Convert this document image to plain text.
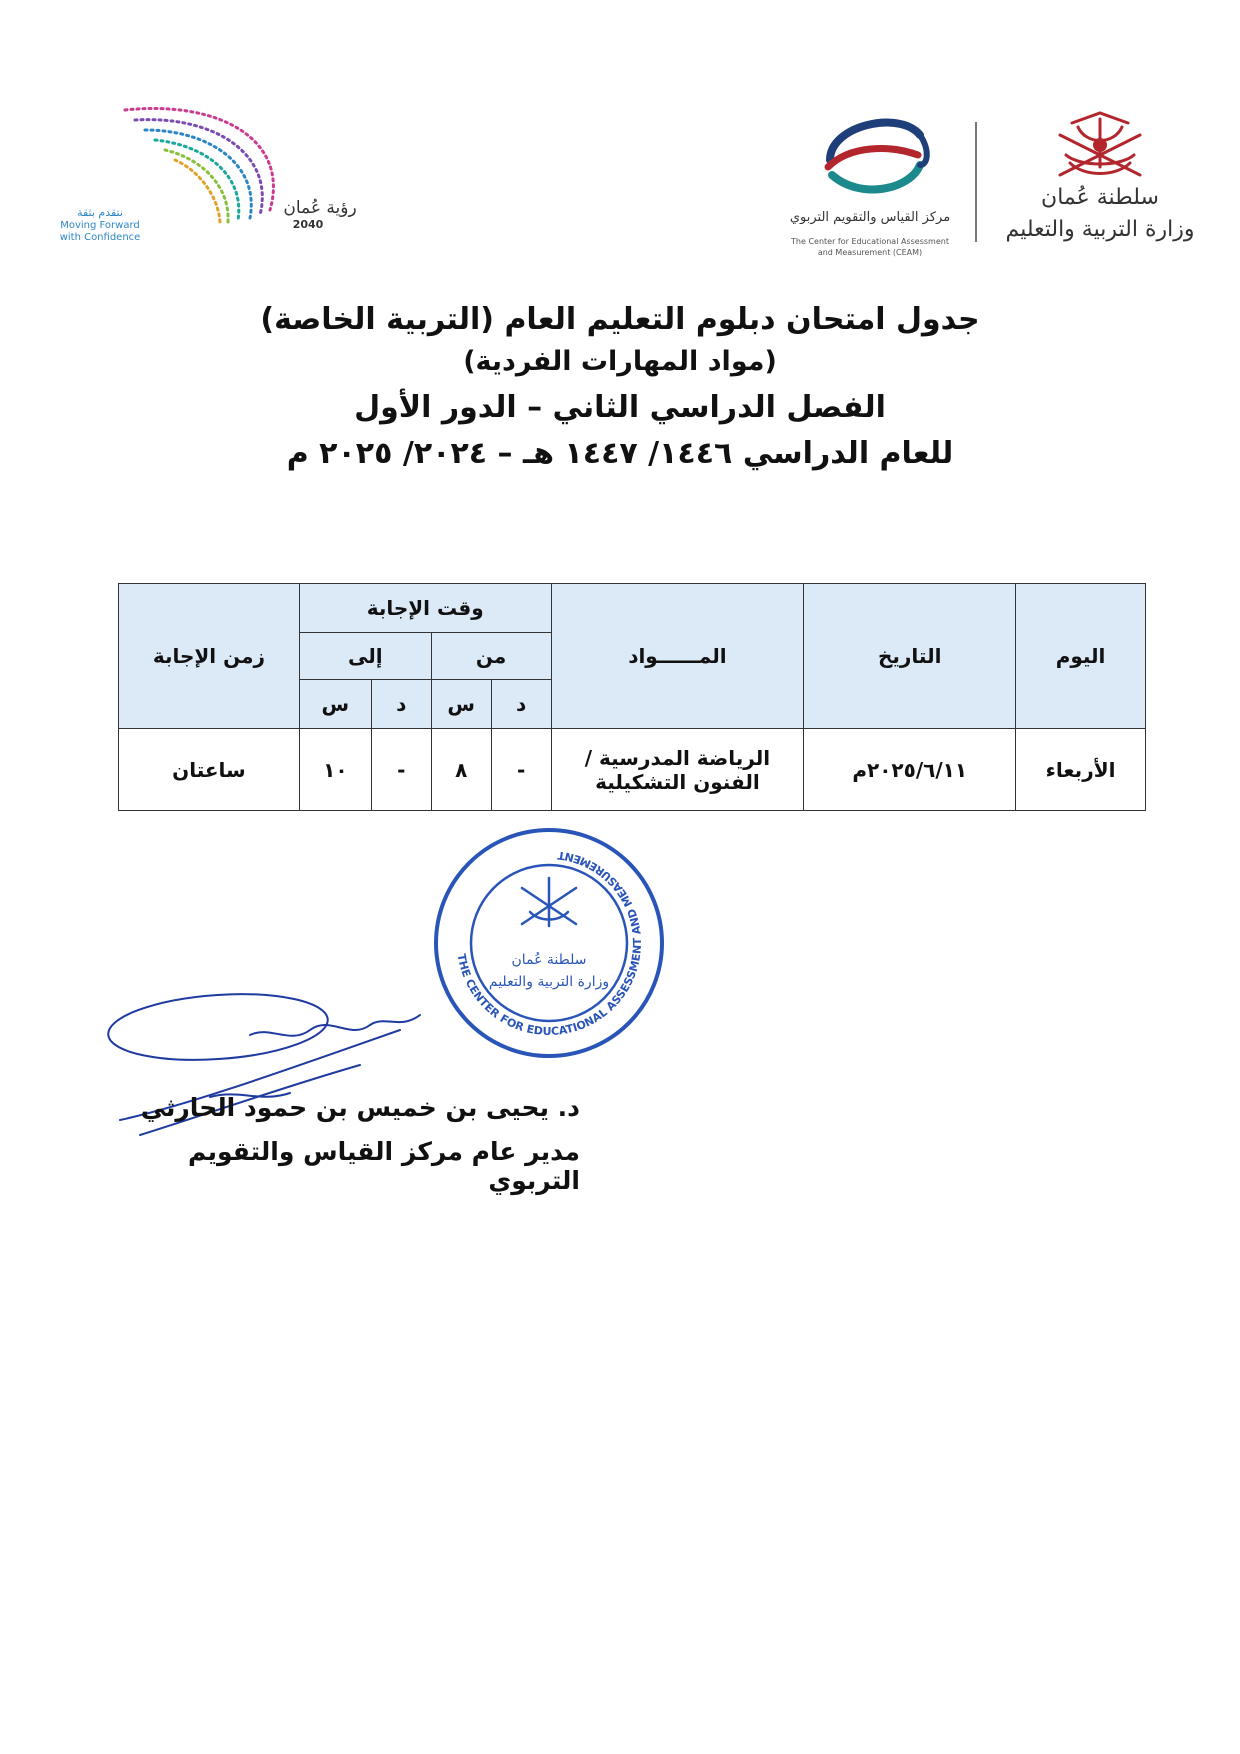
سلطنة عُمان
وزارة التربية والتعليم
مركز القياس والتقويم التربوي
The Center for Educational Assessment
and Measurement (CEAM)
رؤية عُمان
2040
نتقدم بثقة
Moving Forward
with Confidence
جدول امتحان دبلوم التعليم العام (التربية الخاصة)
(مواد المهارات الفردية)
الفصل الدراسي الثاني – الدور الأول
للعام الدراسي ١٤٤٦/ ١٤٤٧ هـ – ٢٠٢٤/ ٢٠٢٥ م
اليوم	التاريخ	المــــــواد	وقت الإجابة				زمن الإجابة
			من		إلى		
			د	س	د	س	
الأربعاء	٢٠٢٥/٦/١١م	الرياضة المدرسية /
الفنون التشكيلية	-	٨	-	١٠	ساعتان
THE CENTER FOR EDUCATIONAL ASSESSMENT AND MEASUREMENT
سلطنة عُمان
وزارة التربية والتعليم
د. يحيى بن خميس بن حمود الحارثي
مدير عام مركز القياس والتقويم التربوي
